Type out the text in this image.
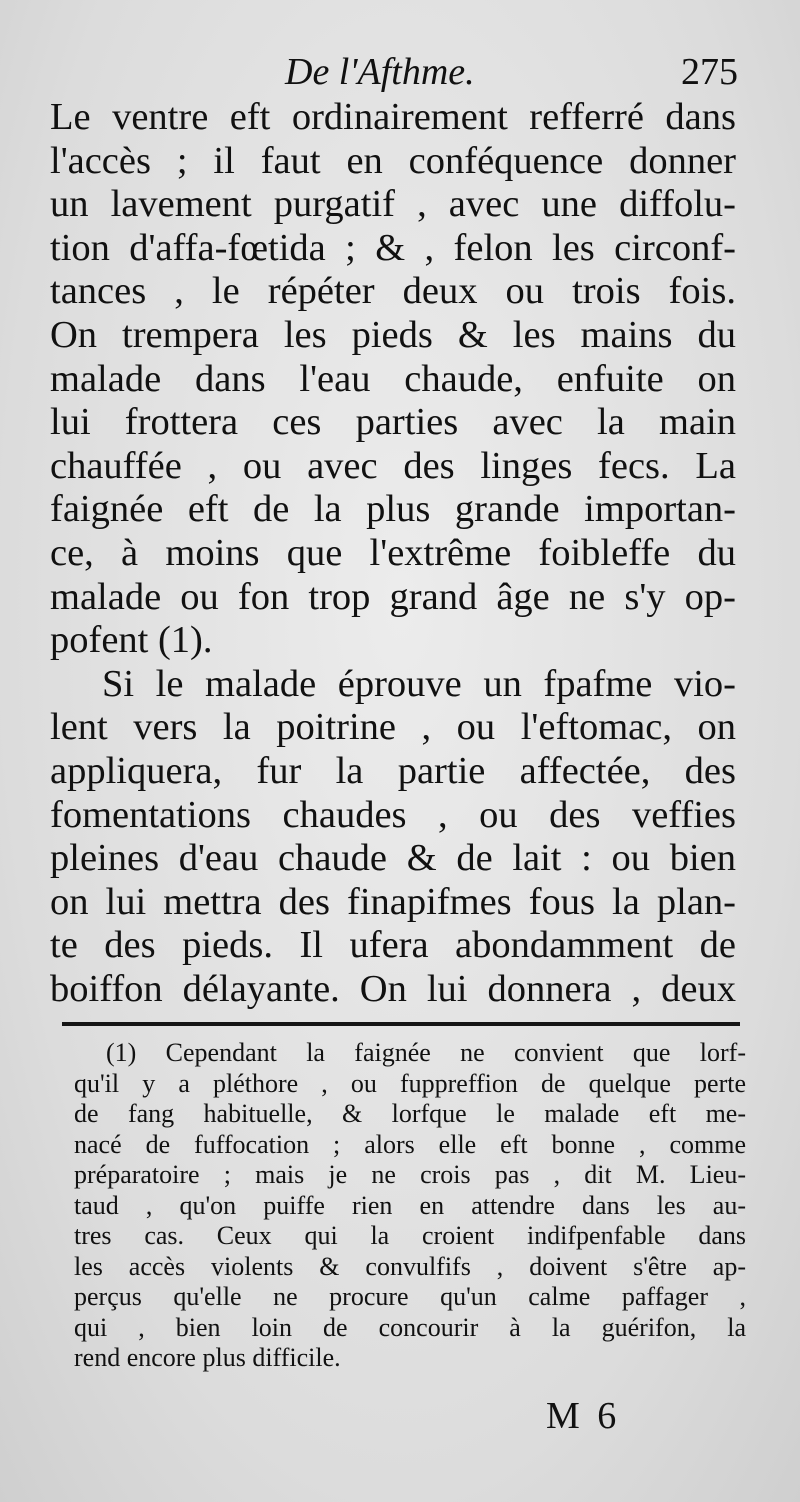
De l'Afthme.	275
Le ventre eft ordinairement refferré dans
l'accès ; il faut en conféquence donner
un lavement purgatif , avec une diffolu-
tion d'affa-fœtida ; & , felon les circonf-
tances , le répéter deux ou trois fois.
On trempera les pieds & les mains du
malade dans l'eau chaude, enfuite on
lui frottera ces parties avec la main
chauffée , ou avec des linges fecs. La
faignée eft de la plus grande importan-
ce, à moins que l'extrême foibleffe du
malade ou fon trop grand âge ne s'y op-
pofent (1).
Si le malade éprouve un fpafme vio-
lent vers la poitrine , ou l'eftomac, on
appliquera, fur la partie affectée, des
fomentations chaudes , ou des veffies
pleines d'eau chaude & de lait : ou bien
on lui mettra des finapifmes fous la plan-
te des pieds. Il ufera abondamment de
boiffon délayante. On lui donnera , deux
(1) Cependant la faignée ne convient que lorf-
qu'il y a pléthore , ou fuppreffion de quelque perte
de fang habituelle, & lorfque le malade eft me-
nacé de fuffocation ; alors elle eft bonne , comme
préparatoire ; mais je ne crois pas , dit M. Lieu-
taud , qu'on puiffe rien en attendre dans les au-
tres cas. Ceux qui la croient indifpenfable dans
les accès violents & convulfifs , doivent s'être ap-
perçus qu'elle ne procure qu'un calme paffager ,
qui , bien loin de concourir à la guérifon, la
rend encore plus difficile.
M 6
